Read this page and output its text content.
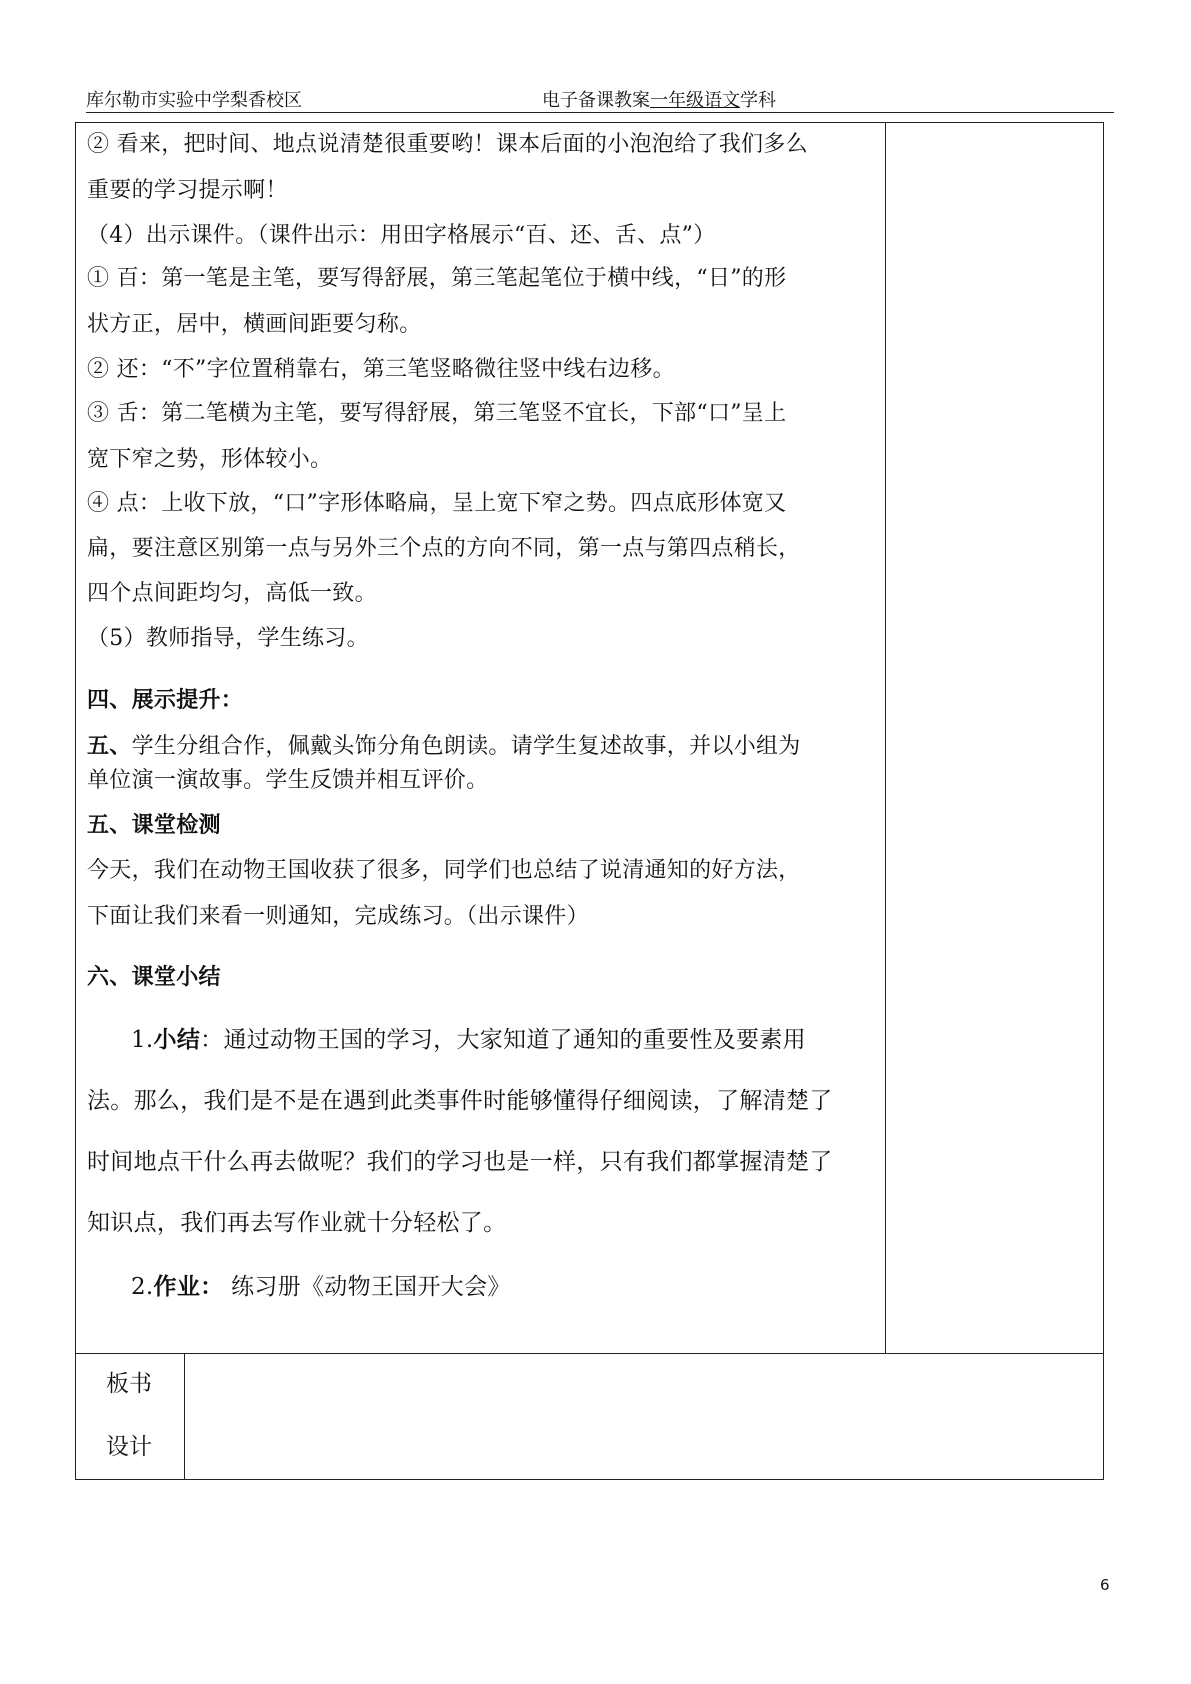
库尔勒市实验中学梨香校区	电子备课教案一年级语文学科
② 看来，把时间、地点说清楚很重要哟！课本后面的小泡泡给了我们多么
重要的学习提示啊！
（4）出示课件。（课件出示：用田字格展示“百、还、舌、点”）
① 百：第一笔是主笔，要写得舒展，第三笔起笔位于横中线，“日”的形
状方正，居中，横画间距要匀称。
② 还：“不”字位置稍靠右，第三笔竖略微往竖中线右边移。
③ 舌：第二笔横为主笔，要写得舒展，第三笔竖不宜长，下部“口”呈上
宽下窄之势，形体较小。
④ 点：上收下放，“口”字形体略扁，呈上宽下窄之势。四点底形体宽又
扁，要注意区别第一点与另外三个点的方向不同，第一点与第四点稍长，
四个点间距均匀，高低一致。
（5）教师指导，学生练习。
四、展示提升：
五、学生分组合作，佩戴头饰分角色朗读。请学生复述故事，并以小组为
单位演一演故事。学生反馈并相互评价。
五、课堂检测
今天，我们在动物王国收获了很多，同学们也总结了说清通知的好方法，
下面让我们来看一则通知，完成练习。（出示课件）
六、课堂小结
1.小结：通过动物王国的学习，大家知道了通知的重要性及要素用
法。那么，我们是不是在遇到此类事件时能够懂得仔细阅读，了解清楚了
时间地点干什么再去做呢？我们的学习也是一样，只有我们都掌握清楚了
知识点，我们再去写作业就十分轻松了。
2.作业： 练习册《动物王国开大会》
板书
设计
6
